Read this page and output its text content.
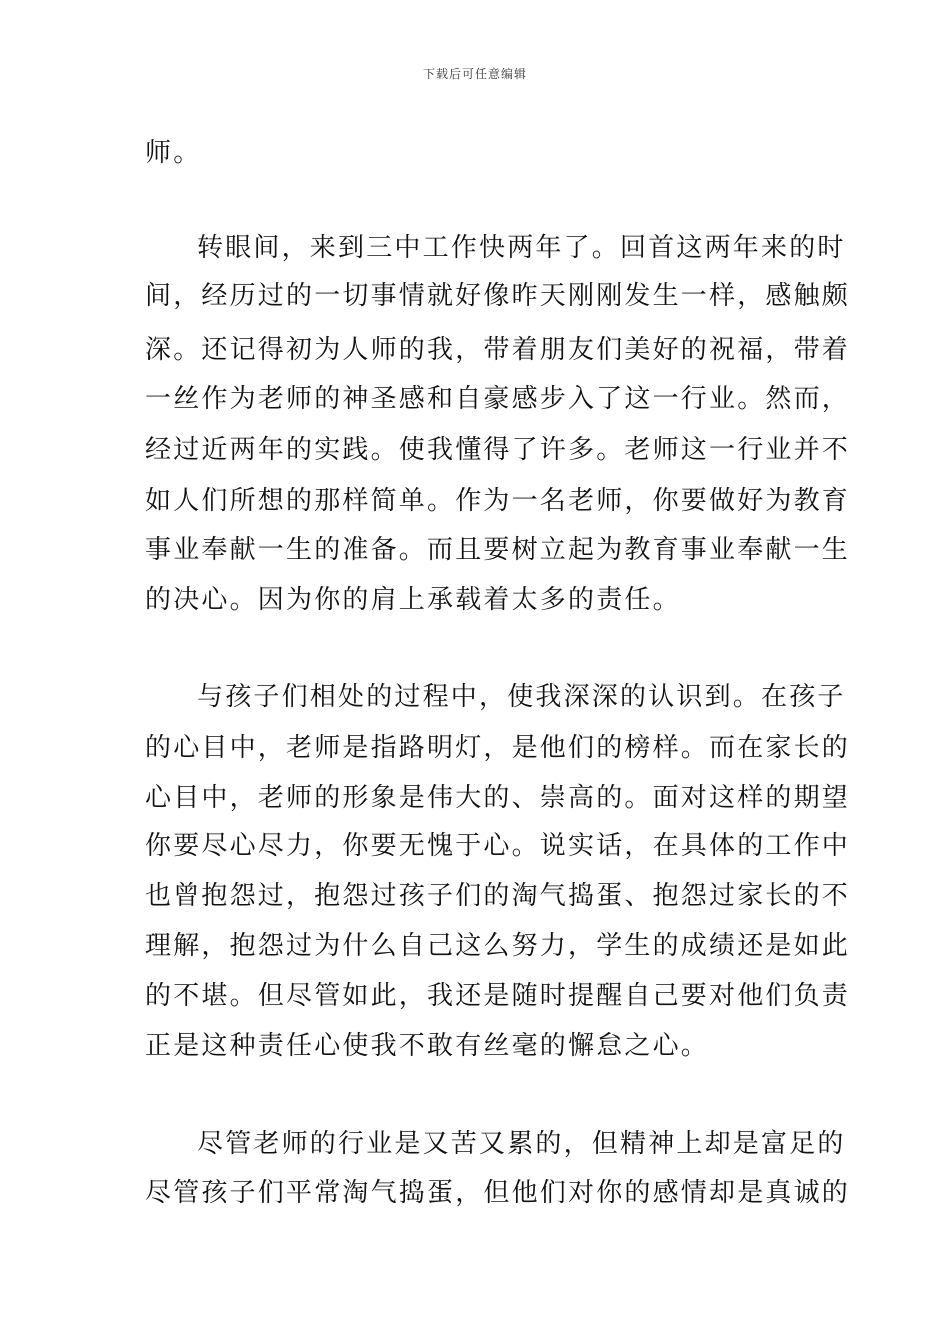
下载后可任意编辑
师。
转眼间，来到三中工作快两年了。回首这两年来的时
间，经历过的一切事情就好像昨天刚刚发生一样，感触颇
深。还记得初为人师的我，带着朋友们美好的祝福，带着
一丝作为老师的神圣感和自豪感步入了这一行业。然而，
经过近两年的实践。使我懂得了许多。老师这一行业并不
如人们所想的那样简单。作为一名老师，你要做好为教育
事业奉献一生的准备。而且要树立起为教育事业奉献一生
的决心。因为你的肩上承载着太多的责任。
与孩子们相处的过程中，使我深深的认识到。在孩子
的心目中，老师是指路明灯，是他们的榜样。而在家长的
心目中，老师的形象是伟大的、崇高的。面对这样的期望
你要尽心尽力，你要无愧于心。说实话，在具体的工作中
也曾抱怨过，抱怨过孩子们的淘气捣蛋、抱怨过家长的不
理解，抱怨过为什么自己这么努力，学生的成绩还是如此
的不堪。但尽管如此，我还是随时提醒自己要对他们负责
正是这种责任心使我不敢有丝毫的懈怠之心。
尽管老师的行业是又苦又累的，但精神上却是富足的
尽管孩子们平常淘气捣蛋，但他们对你的感情却是真诚的
